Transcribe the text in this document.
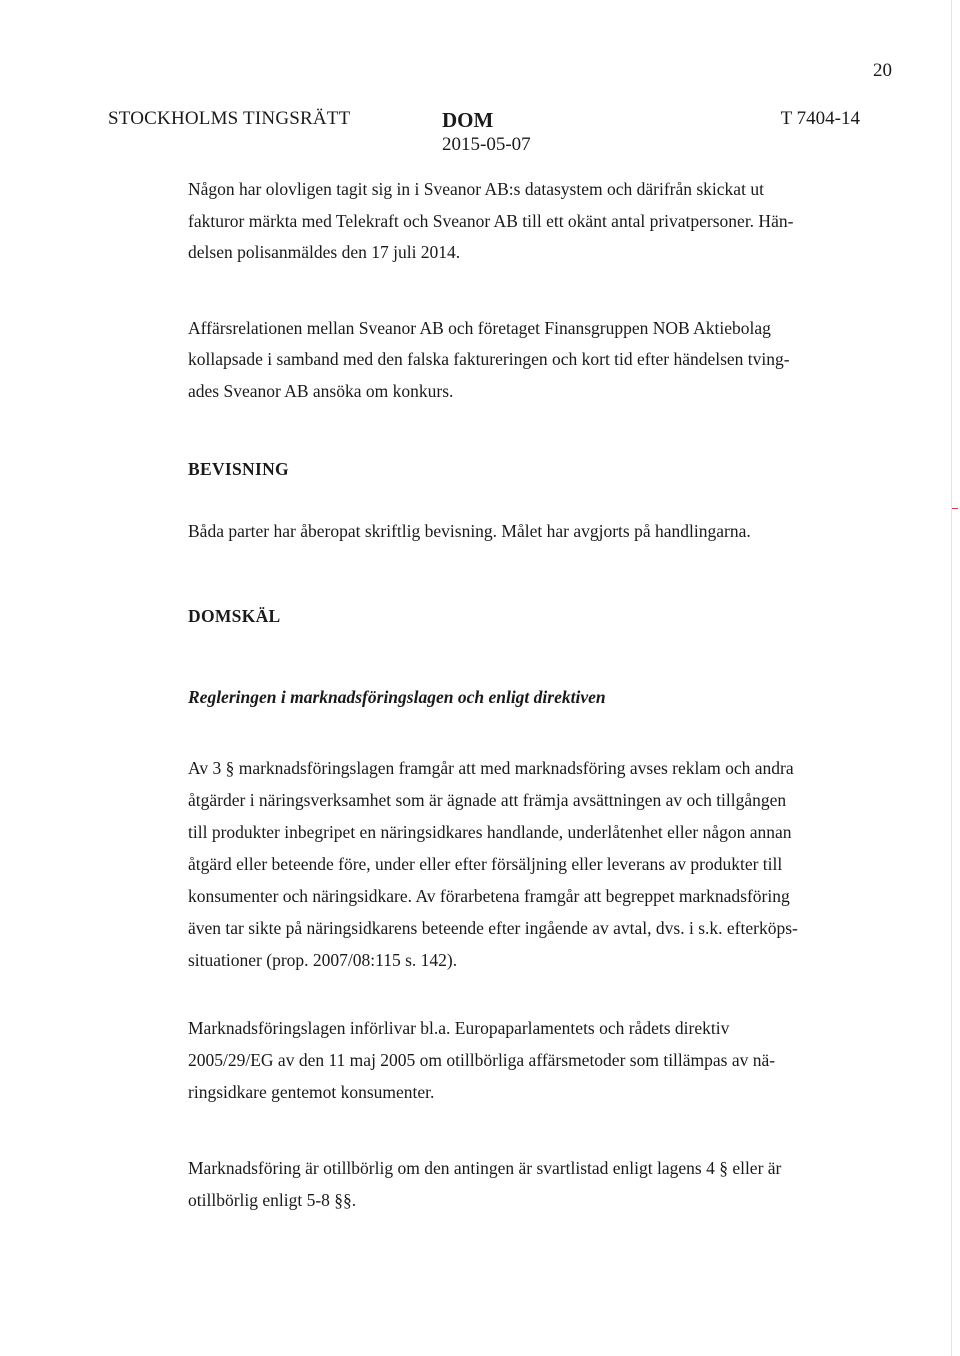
20
STOCKHOLMS TINGSRÄTT	DOM
2015-05-07
T 7404-14

Någon har olovligen tagit sig in i Sveanor AB:s datasystem och därifrån skickat ut
fakturor märkta med Telekraft och Sveanor AB till ett okänt antal privatpersoner. Hän-
delsen polisanmäldes den 17 juli 2014.

Affärsrelationen mellan Sveanor AB och företaget Finansgruppen NOB Aktiebolag
kollapsade i samband med den falska faktureringen och kort tid efter händelsen tving-
ades Sveanor AB ansöka om konkurs.

BEVISNING

Båda parter har åberopat skriftlig bevisning. Målet har avgjorts på handlingarna.

DOMSKÄL
Regleringen i marknadsföringslagen och enligt direktiven

Av 3 § marknadsföringslagen framgår att med marknadsföring avses reklam och andra
åtgärder i näringsverksamhet som är ägnade att främja avsättningen av och tillgången
till produkter inbegripet en näringsidkares handlande, underlåtenhet eller någon annan
åtgärd eller beteende före, under eller efter försäljning eller leverans av produkter till
konsumenter och näringsidkare. Av förarbetena framgår att begreppet marknadsföring
även tar sikte på näringsidkarens beteende efter ingående av avtal, dvs. i s.k. efterköps-
situationer (prop. 2007/08:115 s. 142).

Marknadsföringslagen införlivar bl.a. Europaparlamentets och rådets direktiv
2005/29/EG av den 11 maj 2005 om otillbörliga affärsmetoder som tillämpas av nä-
ringsidkare gentemot konsumenter.

Marknadsföring är otillbörlig om den antingen är svartlistad enligt lagens 4 § eller är
otillbörlig enligt 5-8 §§.
